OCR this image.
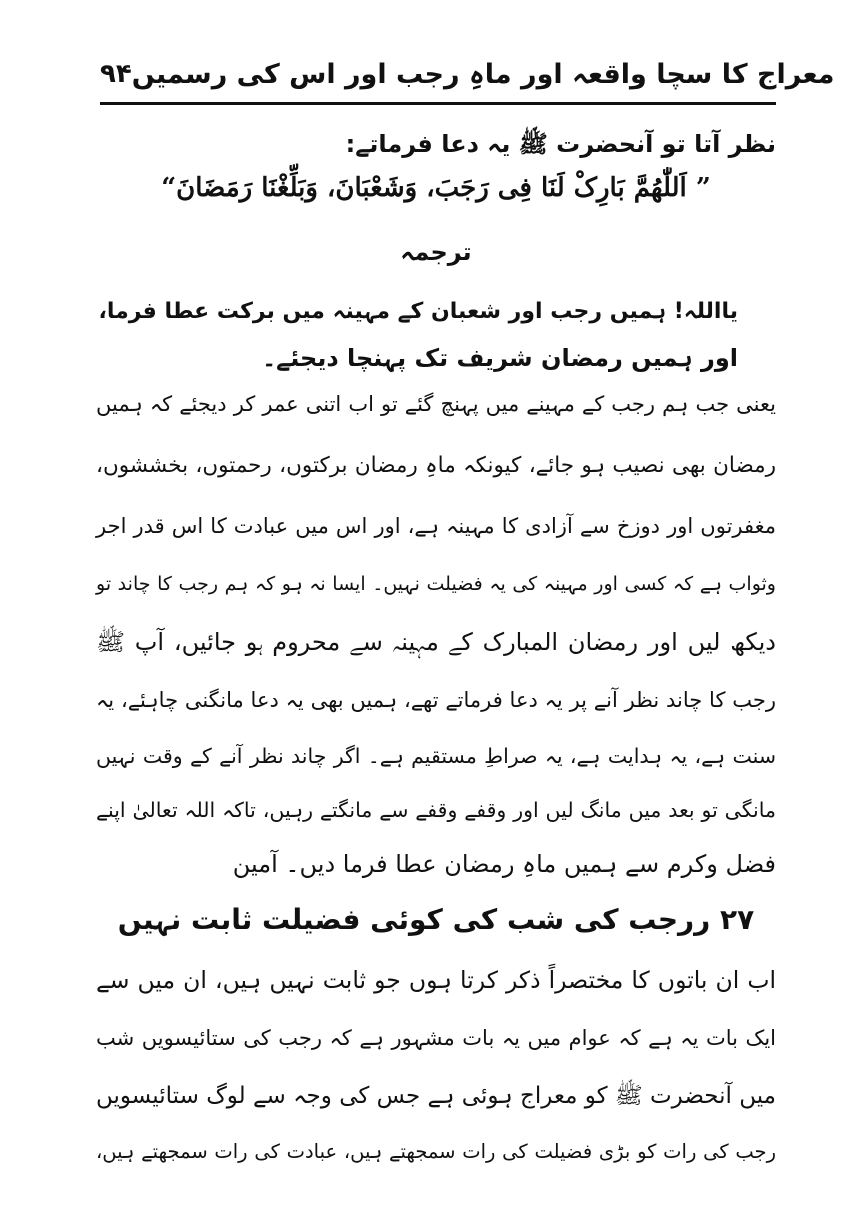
۹۴ معراج کا سچا واقعہ اور ماہِ رجب اور اس کی رسمیں
نظر آتا تو آنحضرت ﷺ یہ دعا فرماتے:
” اَللّٰھُمَّ بَارِکْ لَنَا فِی رَجَبَ، وَشَعْبَانَ، وَبَلِّغْنَا رَمَضَانَ“
ترجمہ
یااللہ! ہمیں رجب اور شعبان کے مہینہ میں برکت عطا فرما،
اور ہمیں رمضان شریف تک پہنچا دیجئے۔
یعنی جب ہم رجب کے مہینے میں پہنچ گئے تو اب اتنی عمر کر دیجئے کہ ہمیں
رمضان بھی نصیب ہو جائے، کیونکہ ماہِ رمضان برکتوں، رحمتوں، بخششوں،
مغفرتوں اور دوزخ سے آزادی کا مہینہ ہے، اور اس میں عبادت کا اس قدر اجر
وثواب ہے کہ کسی اور مہینہ کی یہ فضیلت نہیں۔ ایسا نہ ہو کہ ہم رجب کا چاند تو
دیکھ لیں اور رمضان المبارک کے مہینہ سے محروم ہو جائیں، آپ ﷺ
رجب کا چاند نظر آنے پر یہ دعا فرماتے تھے، ہمیں بھی یہ دعا مانگنی چاہئے، یہ
سنت ہے، یہ ہدایت ہے، یہ صراطِ مستقیم ہے۔ اگر چاند نظر آنے کے وقت نہیں
مانگی تو بعد میں مانگ لیں اور وقفے وقفے سے مانگتے رہیں، تاکہ اللہ تعالیٰ اپنے
فضل وکرم سے ہمیں ماہِ رمضان عطا فرما دیں۔ آمین
۲۷ ررجب کی شب کی کوئی فضیلت ثابت نہیں
اب ان باتوں کا مختصراً ذکر کرتا ہوں جو ثابت نہیں ہیں، ان میں سے
ایک بات یہ ہے کہ عوام میں یہ بات مشہور ہے کہ رجب کی ستائیسویں شب
میں آنحضرت ﷺ کو معراج ہوئی ہے جس کی وجہ سے لوگ ستائیسویں
رجب کی رات کو بڑی فضیلت کی رات سمجھتے ہیں، عبادت کی رات سمجھتے ہیں،
